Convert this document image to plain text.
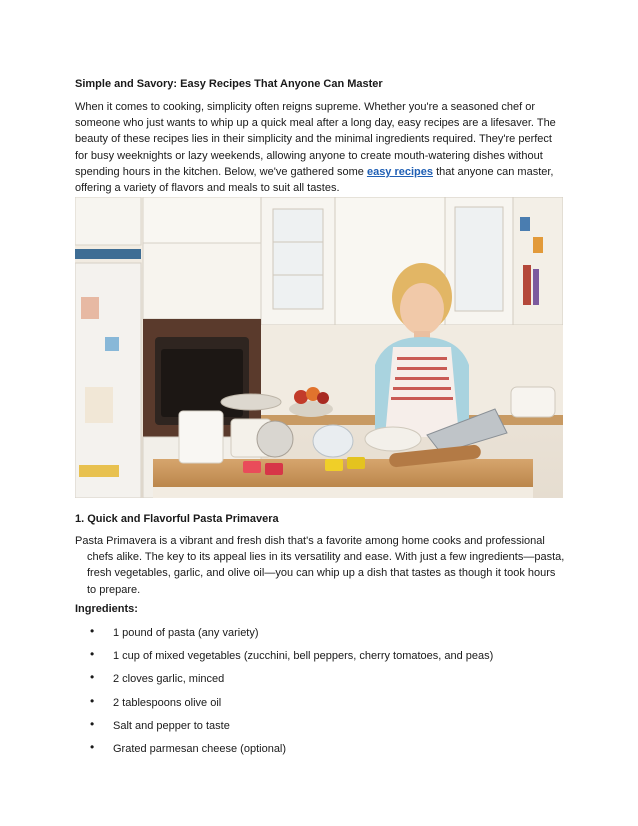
Simple and Savory: Easy Recipes That Anyone Can Master

When it comes to cooking, simplicity often reigns supreme. Whether you're a seasoned chef or someone who just wants to whip up a quick meal after a long day, easy recipes are a lifesaver. The beauty of these recipes lies in their simplicity and the minimal ingredients required. They're perfect for busy weeknights or lazy weekends, allowing anyone to create mouth-watering dishes without spending hours in the kitchen. Below, we've gathered some easy recipes that anyone can master, offering a variety of flavors and meals to suit all tastes.

1. Quick and Flavorful Pasta Primavera

Pasta Primavera is a vibrant and fresh dish that's a favorite among home cooks and professional chefs alike. The key to its appeal lies in its versatility and ease. With just a few ingredients—pasta, fresh vegetables, garlic, and olive oil—you can whip up a dish that tastes as though it took hours to prepare.

Ingredients:
• 1 pound of pasta (any variety)
• 1 cup of mixed vegetables (zucchini, bell peppers, cherry tomatoes, and peas)
• 2 cloves garlic, minced
• 2 tablespoons olive oil
• Salt and pepper to taste
• Grated parmesan cheese (optional)
